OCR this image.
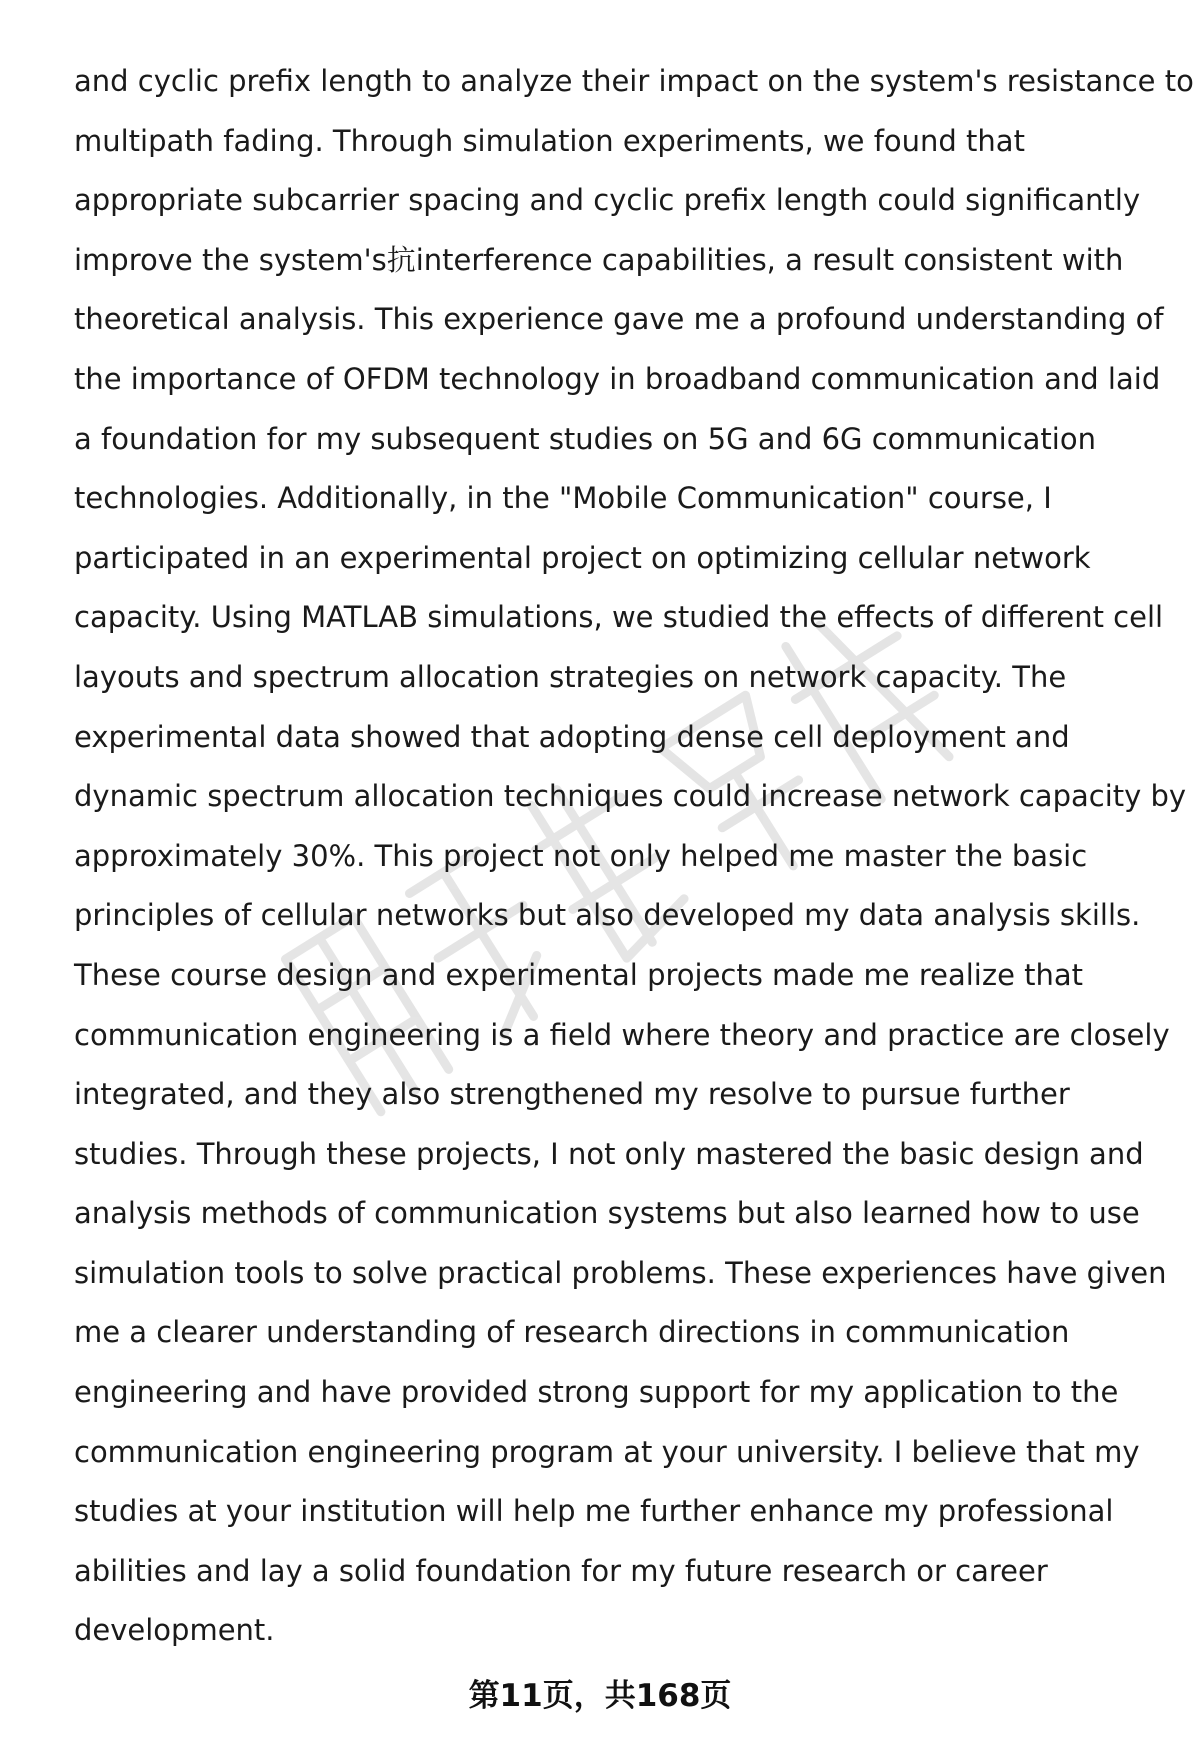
and cyclic prefix length to analyze their impact on the system's resistance to
multipath fading. Through simulation experiments, we found that
appropriate subcarrier spacing and cyclic prefix length could significantly
improve the system's抗interference capabilities, a result consistent with
theoretical analysis. This experience gave me a profound understanding of
the importance of OFDM technology in broadband communication and laid
a foundation for my subsequent studies on 5G and 6G communication
technologies. Additionally, in the "Mobile Communication" course, I
participated in an experimental project on optimizing cellular network
capacity. Using MATLAB simulations, we studied the effects of different cell
layouts and spectrum allocation strategies on network capacity. The
experimental data showed that adopting dense cell deployment and
dynamic spectrum allocation techniques could increase network capacity by
approximately 30%. This project not only helped me master the basic
principles of cellular networks but also developed my data analysis skills.
These course design and experimental projects made me realize that
communication engineering is a field where theory and practice are closely
integrated, and they also strengthened my resolve to pursue further
studies. Through these projects, I not only mastered the basic design and
analysis methods of communication systems but also learned how to use
simulation tools to solve practical problems. These experiences have given
me a clearer understanding of research directions in communication
engineering and have provided strong support for my application to the
communication engineering program at your university. I believe that my
studies at your institution will help me further enhance my professional
abilities and lay a solid foundation for my future research or career
development.
第11页，共168页
